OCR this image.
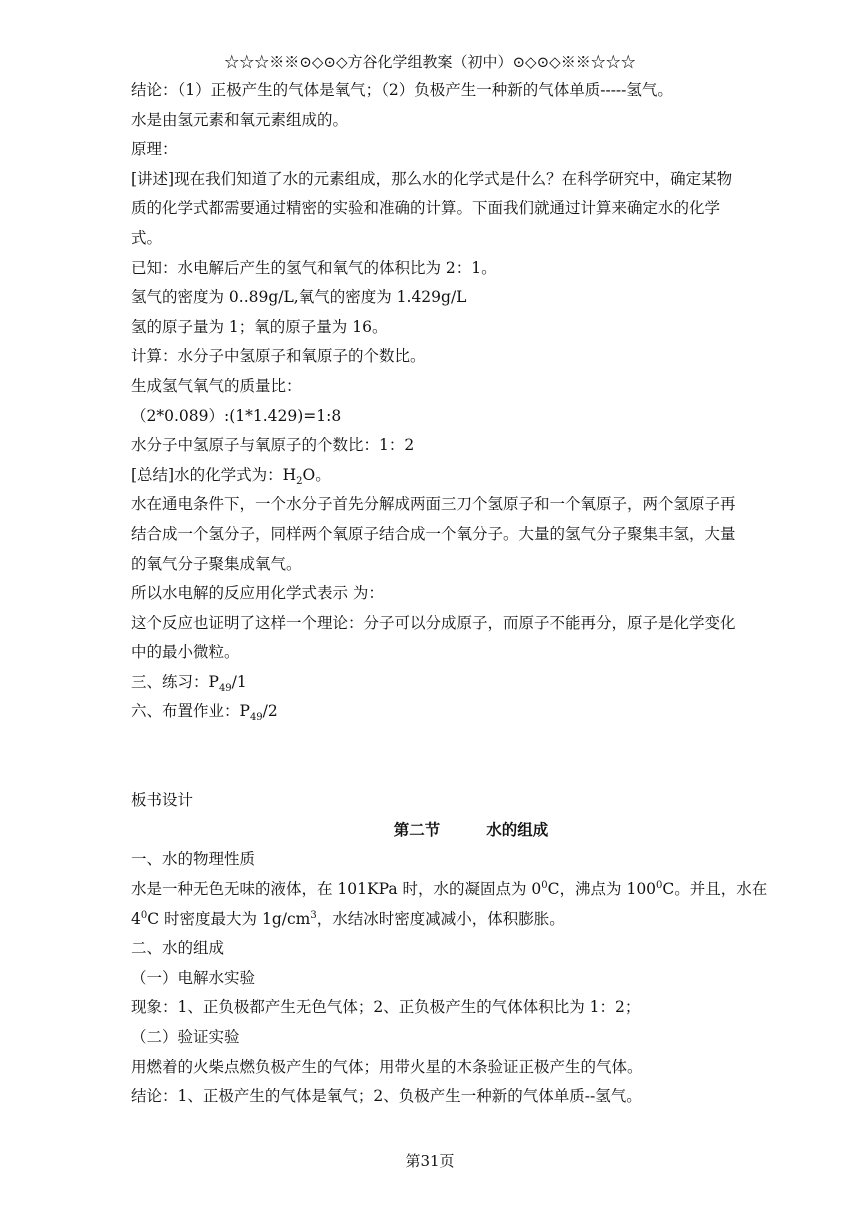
☆☆☆※※⊙◇⊙◇方谷化学组教案（初中）⊙◇⊙◇※※☆☆☆
结论：（1）正极产生的气体是氧气；（2）负极产生一种新的气体单质-----氢气。
水是由氢元素和氧元素组成的。
原理：
[讲述]现在我们知道了水的元素组成，那么水的化学式是什么？在科学研究中，确定某物
质的化学式都需要通过精密的实验和准确的计算。下面我们就通过计算来确定水的化学
式。
已知：水电解后产生的氢气和氧气的体积比为 2：1。
氢气的密度为 0..89g/L,氧气的密度为 1.429g/L
氢的原子量为 1；氧的原子量为 16。
计算：水分子中氢原子和氧原子的个数比。
生成氢气氧气的质量比：
（2*0.089）:(1*1.429)=1:8
水分子中氢原子与氧原子的个数比：1：2
[总结]水的化学式为：$H_2O$。
水在通电条件下，一个水分子首先分解成两面三刀个氢原子和一个氧原子，两个氢原子再
结合成一个氢分子，同样两个氧原子结合成一个氧分子。大量的氢气分子聚集丰氢，大量
的氧气分子聚集成氧气。
所以水电解的反应用化学式表示 为：
这个反应也证明了这样一个理论：分子可以分成原子，而原子不能再分，原子是化学变化
中的最小微粒。
三、练习：$P_{49}/1$
六、布置作业：$P_{49}/2$
板书设计
第二节	水的组成
一、水的物理性质
水是一种无色无味的液体，在 101KPa 时，水的凝固点为 $0^0C$，沸点为 $100^0C$。并且，水在
$4^0C$ 时密度最大为 $1g/cm^3$，水结冰时密度减减小，体积膨胀。
二、水的组成
（一）电解水实验
现象：1、正负极都产生无色气体；2、正负极产生的气体体积比为 1：2；
（二）验证实验
用燃着的火柴点燃负极产生的气体；用带火星的木条验证正极产生的气体。
结论：1、正极产生的气体是氧气；2、负极产生一种新的气体单质--氢气。
第31页
